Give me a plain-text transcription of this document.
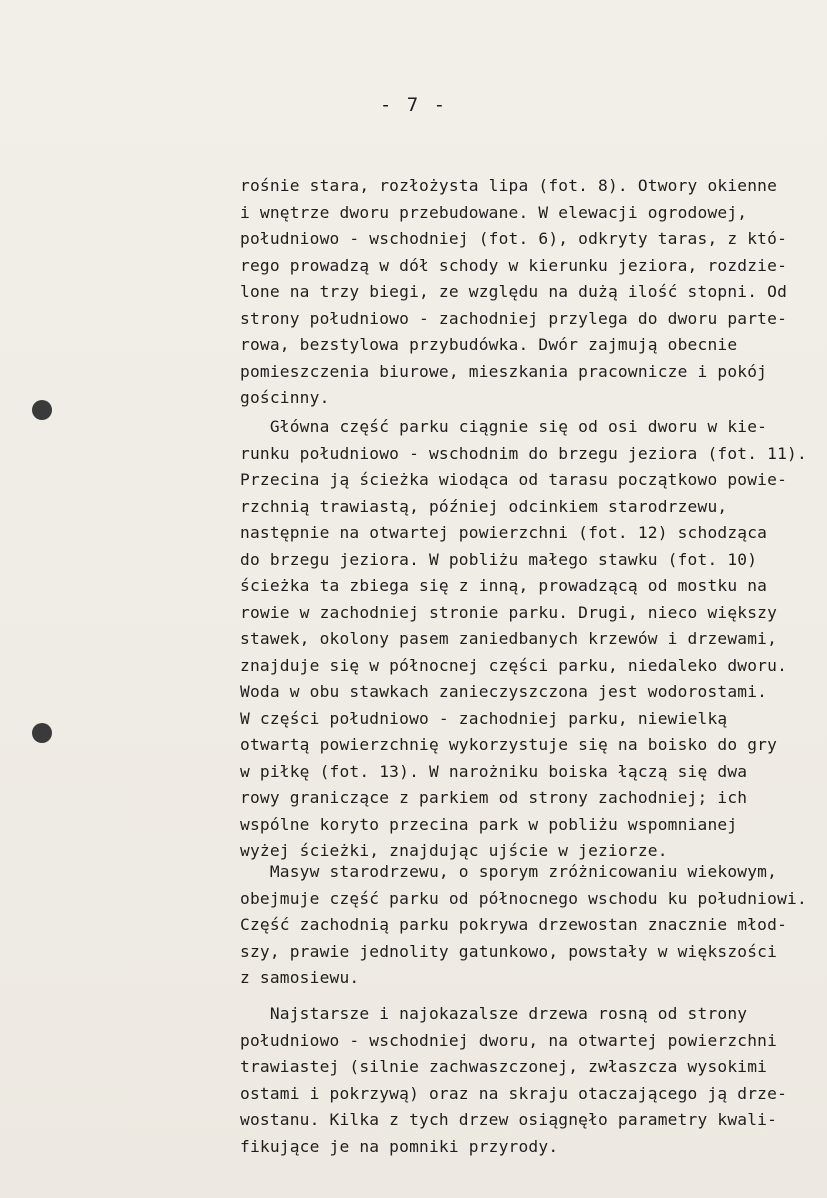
- 7 -
rośnie stara, rozłożysta lipa (fot. 8). Otwory okienne
i wnętrze dworu przebudowane. W elewacji ogrodowej,
południowo - wschodniej (fot. 6), odkryty taras, z któ-
rego prowadzą w dół schody w kierunku jeziora, rozdzie-
lone na trzy biegi, ze względu na dużą ilość stopni. Od
strony południowo - zachodniej przylega do dworu parte-
rowa, bezstylowa przybudówka. Dwór zajmują obecnie
pomieszczenia biurowe, mieszkania pracownicze i pokój
gościnny.
Główna część parku ciągnie się od osi dworu w kie-
runku południowo - wschodnim do brzegu jeziora (fot. 11).
Przecina ją ścieżka wiodąca od tarasu początkowo powie-
rzchnią trawiastą, później odcinkiem starodrzewu,
następnie na otwartej powierzchni (fot. 12) schodząca
do brzegu jeziora. W pobliżu małego stawku (fot. 10)
ścieżka ta zbiega się z inną, prowadzącą od mostku na
rowie w zachodniej stronie parku. Drugi, nieco większy
stawek, okolony pasem zaniedbanych krzewów i drzewami,
znajduje się w północnej części parku, niedaleko dworu.
Woda w obu stawkach zanieczyszczona jest wodorostami.
W części południowo - zachodniej parku, niewielką
otwartą powierzchnię wykorzystuje się na boisko do gry
w piłkę (fot. 13). W narożniku boiska łączą się dwa
rowy graniczące z parkiem od strony zachodniej; ich
wspólne koryto przecina park w pobliżu wspomnianej
wyżej ścieżki, znajdując ujście w jeziorze.
Masyw starodrzewu, o sporym zróżnicowaniu wiekowym,
obejmuje część parku od północnego wschodu ku południowi.
Część zachodnią parku pokrywa drzewostan znacznie młod-
szy, prawie jednolity gatunkowo, powstały w większości
z samosiewu.
Najstarsze i najokazalsze drzewa rosną od strony
południowo - wschodniej dworu, na otwartej powierzchni
trawiastej (silnie zachwaszczonej, zwłaszcza wysokimi
ostami i pokrzywą) oraz na skraju otaczającego ją drze-
wostanu. Kilka z tych drzew osiągnęło parametry kwali-
fikujące je na pomniki przyrody.
